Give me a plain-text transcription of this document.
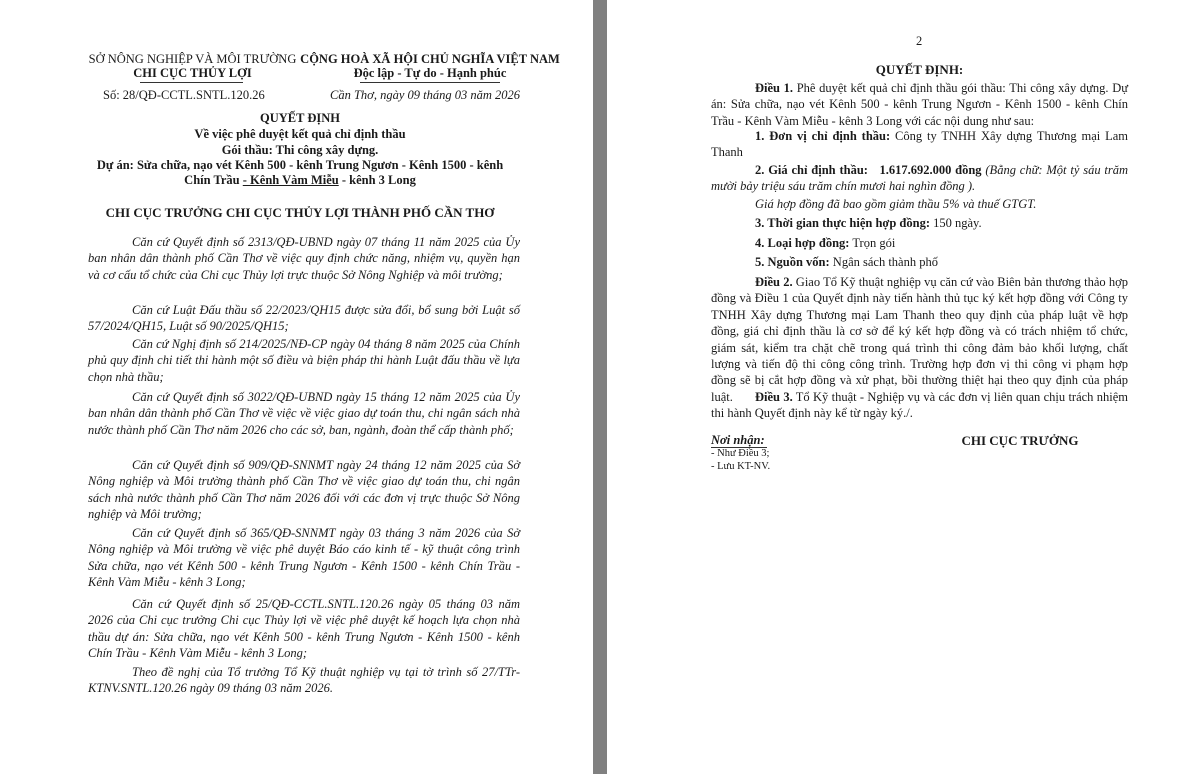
SỞ NÔNG NGHIỆP VÀ MÔI TRƯỜNG
CHI CỤC THỦY LỢI
CỘNG HOÀ XÃ HỘI CHỦ NGHĨA VIỆT NAM
Độc lập - Tự do - Hạnh phúc
Số: 28/QĐ-CCTL.SNTL.120.26	Cần Thơ, ngày 09 tháng 03 năm 2026
QUYẾT ĐỊNH
Về việc phê duyệt kết quả chỉ định thầu
Gói thầu: Thi công xây dựng.
Dự án: Sửa chữa, nạo vét Kênh 500 - kênh Trung Ngươn - Kênh 1500 - kênh
Chín Trầu - Kênh Vàm Miễu - kênh 3 Long
CHI CỤC TRƯỞNG CHI CỤC THỦY LỢI THÀNH PHỐ CẦN THƠ
Căn cứ Quyết định số 2313/QĐ-UBND ngày 07 tháng 11 năm 2025 của Ủy ban nhân dân thành phố Cần Thơ về việc quy định chức năng, nhiệm vụ, quyền hạn và cơ cấu tổ chức của Chi cục Thủy lợi trực thuộc Sở Nông Nghiệp và môi trường;
Căn cứ Luật Đấu thầu số 22/2023/QH15 được sửa đổi, bổ sung bởi Luật số 57/2024/QH15, Luật số 90/2025/QH15;
Căn cứ Nghị định số 214/2025/NĐ-CP ngày 04 tháng 8 năm 2025 của Chính phủ quy định chi tiết thi hành một số điều và biện pháp thi hành Luật đấu thầu về lựa chọn nhà thầu;
Căn cứ Quyết định số 3022/QĐ-UBND ngày 15 tháng 12 năm 2025 của Ủy ban nhân dân thành phố Cần Thơ về việc về việc giao dự toán thu, chi ngân sách nhà nước thành phố Cần Thơ năm 2026 cho các sở, ban, ngành, đoàn thể cấp thành phố;
Căn cứ Quyết định số 909/QĐ-SNNMT ngày 24 tháng 12 năm 2025 của Sở Nông nghiệp và Môi trường thành phố Cần Thơ về việc giao dự toán thu, chi ngân sách nhà nước thành phố Cần Thơ năm 2026 đối với các đơn vị trực thuộc Sở Nông nghiệp và Môi trường;
Căn cứ Quyết định số 365/QĐ-SNNMT ngày 03 tháng 3 năm 2026 của Sở Nông nghiệp và Môi trường về việc phê duyệt Báo cáo kinh tế - kỹ thuật công trình Sửa chữa, nạo vét Kênh 500 - kênh Trung Ngươn - Kênh 1500 - kênh Chín Trầu - Kênh Vàm Miễu - kênh 3 Long;
Căn cứ Quyết định số 25/QĐ-CCTL.SNTL.120.26 ngày 05 tháng 03 năm 2026 của Chi cục trưởng Chi cục Thủy lợi về việc phê duyệt kế hoạch lựa chọn nhà thầu dự án: Sửa chữa, nạo vét Kênh 500 - kênh Trung Ngươn - Kênh 1500 - kênh Chín Trầu - Kênh Vàm Miễu - kênh 3 Long;
Theo đề nghị của Tổ trưởng Tổ Kỹ thuật nghiệp vụ tại tờ trình số 27/TTr-KTNV.SNTL.120.26 ngày 09 tháng 03 năm 2026.
2
QUYẾT ĐỊNH:
Điều 1. Phê duyệt kết quả chỉ định thầu gói thầu: Thi công xây dựng. Dự án: Sửa chữa, nạo vét Kênh 500 - kênh Trung Ngươn - Kênh 1500 - kênh Chín Trầu - Kênh Vàm Miễu - kênh 3 Long với các nội dung như sau:
1. Đơn vị chỉ định thầu: Công ty TNHH Xây dựng Thương mại Lam Thanh
2. Giá chỉ định thầu: 1.617.692.000 đồng (Bằng chữ: Một tỷ sáu trăm mười bảy triệu sáu trăm chín mươi hai nghìn đồng ).
Giá hợp đồng đã bao gồm giảm thầu 5% và thuế GTGT.
3. Thời gian thực hiện hợp đồng: 150 ngày.
4. Loại hợp đồng: Trọn gói
5. Nguồn vốn: Ngân sách thành phố
Điều 2. Giao Tổ Kỹ thuật nghiệp vụ căn cứ vào Biên bản thương thảo hợp đồng và Điều 1 của Quyết định này tiến hành thủ tục ký kết hợp đồng với Công ty TNHH Xây dựng Thương mại Lam Thanh theo quy định của pháp luật về hợp đồng, giá chỉ định thầu là cơ sở để ký kết hợp đồng và có trách nhiệm tổ chức, giám sát, kiểm tra chặt chẽ trong quá trình thi công đảm bảo khối lượng, chất lượng và tiến độ thi công công trình. Trường hợp đơn vị thi công vi phạm hợp đồng sẽ bị cắt hợp đồng và xử phạt, bồi thường thiệt hại theo quy định của pháp luật.	Điều 3. Tổ Kỹ thuật - Nghiệp vụ và các đơn vị liên quan chịu trách nhiệm thi hành Quyết định này kể từ ngày ký./.
Nơi nhận:
- Như Điều 3;
- Lưu KT-NV.
CHI CỤC TRƯỞNG
